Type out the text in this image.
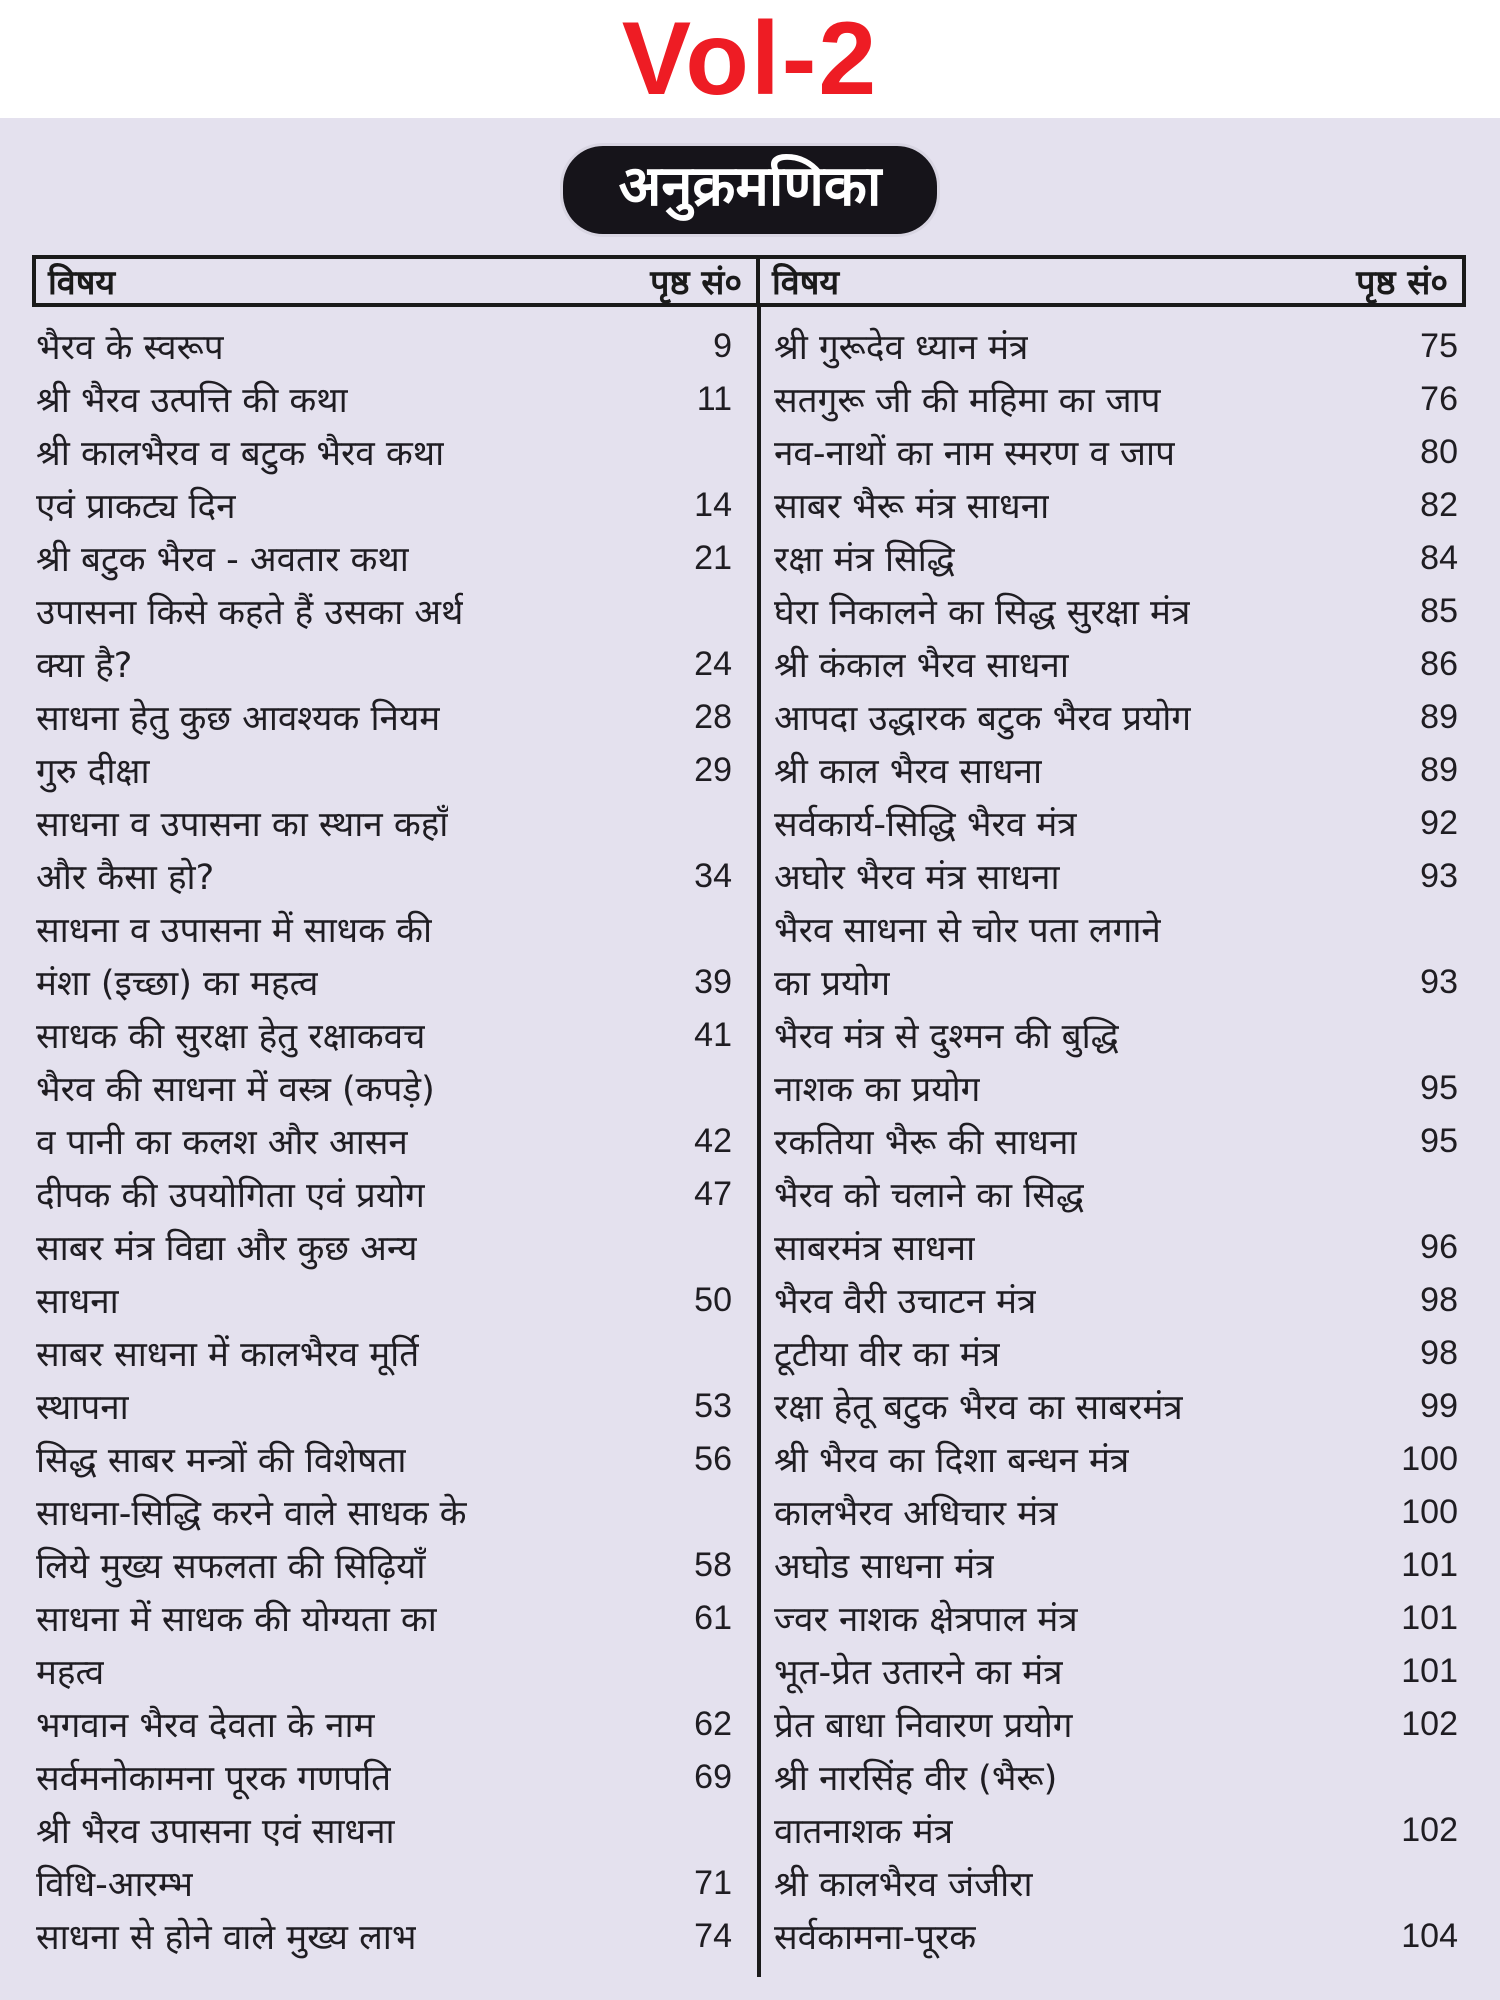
Vol-2
अनुक्रमणिका
विषय	पृष्ठ सं० विषय	पृष्ठ सं०
भैरव के स्वरूप	9
श्री भैरव उत्पत्ति की कथा	11
श्री कालभैरव व बटुक भैरव कथा
एवं प्राकट्य दिन	14
श्री बटुक भैरव - अवतार कथा	21
उपासना किसे कहते हैं उसका अर्थ
क्या है?	24
साधना हेतु कुछ आवश्यक नियम	28
गुरु दीक्षा	29
साधना व उपासना का स्थान कहाँ
और कैसा हो?	34
साधना व उपासना में साधक की
मंशा (इच्छा) का महत्व	39
साधक की सुरक्षा हेतु रक्षाकवच	41
भैरव की साधना में वस्त्र (कपड़े)
व पानी का कलश और आसन	42
दीपक की उपयोगिता एवं प्रयोग	47
साबर मंत्र विद्या और कुछ अन्य
साधना	50
साबर साधना में कालभैरव मूर्ति
स्थापना	53
सिद्ध साबर मन्त्रों की विशेषता	56
साधना-सिद्धि करने वाले साधक के
लिये मुख्य सफलता की सिढ़ियाँ	58
साधना में साधक की योग्यता का	61
महत्व
भगवान भैरव देवता के नाम	62
सर्वमनोकामना पूरक गणपति	69
श्री भैरव उपासना एवं साधना
विधि-आरम्भ	71
साधना से होने वाले मुख्य लाभ	74
श्री गुरूदेव ध्यान मंत्र	75
सतगुरू जी की महिमा का जाप	76
नव-नाथों का नाम स्मरण व जाप	80
साबर भैरू मंत्र साधना	82
रक्षा मंत्र सिद्धि	84
घेरा निकालने का सिद्ध सुरक्षा मंत्र	85
श्री कंकाल भैरव साधना	86
आपदा उद्धारक बटुक भैरव प्रयोग	89
श्री काल भैरव साधना	89
सर्वकार्य-सिद्धि भैरव मंत्र	92
अघोर भैरव मंत्र साधना	93
भैरव साधना से चोर पता लगाने
का प्रयोग	93
भैरव मंत्र से दुश्मन की बुद्धि
नाशक का प्रयोग	95
रकतिया भैरू की साधना	95
भैरव को चलाने का सिद्ध
साबरमंत्र साधना	96
भैरव वैरी उचाटन मंत्र	98
टूटीया वीर का मंत्र	98
रक्षा हेतू बटुक भैरव का साबरमंत्र	99
श्री भैरव का दिशा बन्धन मंत्र	100
कालभैरव अधिचार मंत्र	100
अघोड साधना मंत्र	101
ज्वर नाशक क्षेत्रपाल मंत्र	101
भूत-प्रेत उतारने का मंत्र	101
प्रेत बाधा निवारण प्रयोग	102
श्री नारसिंह वीर (भैरू)
वातनाशक मंत्र	102
श्री कालभैरव जंजीरा
सर्वकामना-पूरक	104
